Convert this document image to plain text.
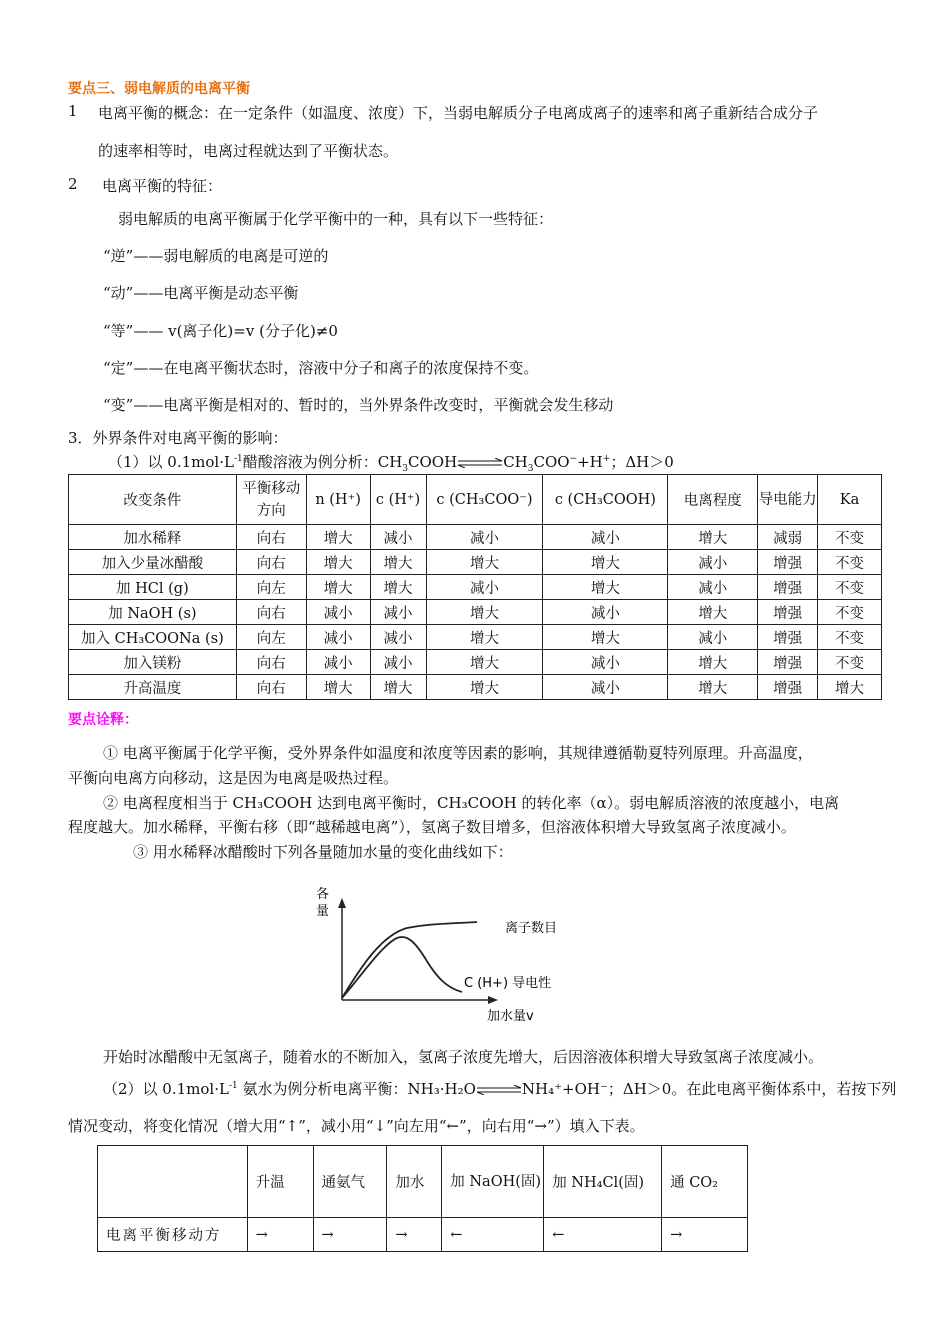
要点三、弱电解质的电离平衡
1 电离平衡的概念：在一定条件（如温度、浓度）下，当弱电解质分子电离成离子的速率和离子重新结合成分子
的速率相等时，电离过程就达到了平衡状态。
2 电离平衡的特征：
弱电解质的电离平衡属于化学平衡中的一种，具有以下一些特征：
“逆”——弱电解质的电离是可逆的
“动”——电离平衡是动态平衡
“等”—— v(离子化)=v (分子化)≠0
“定”——在电离平衡状态时，溶液中分子和离子的浓度保持不变。
“变”——电离平衡是相对的、暂时的，当外界条件改变时，平衡就会发生移动
3．外界条件对电离平衡的影响：
（1）以 $0.1mol\cdot L^{-1}$醋酸溶液为例分析：$CH_3COOH\rightleftharpoons CH_3COO^-+H^+$；ΔH＞0
改变条件	平衡移动方向	n (H⁺)	c (H⁺)	c (CH₃COO⁻)	c (CH₃COOH)	电离程度	导电能力	Ka
加水稀释	向右	增大	减小	减小	减小	增大	减弱	不变
加入少量冰醋酸	向右	增大	增大	增大	增大	减小	增强	不变
加 HCl (g)	向左	增大	增大	减小	增大	减小	增强	不变
加 NaOH (s)	向右	减小	减小	增大	减小	增大	增强	不变
加入 CH₃COONa (s)	向左	减小	减小	增大	增大	减小	增强	不变
加入镁粉	向右	减小	减小	增大	减小	增大	增强	不变
升高温度	向右	增大	增大	增大	减小	增大	增强	增大
要点诠释：
① 电离平衡属于化学平衡，受外界条件如温度和浓度等因素的影响，其规律遵循勒夏特列原理。升高温度，
平衡向电离方向移动，这是因为电离是吸热过程。
② 电离程度相当于 CH₃COOH 达到电离平衡时，CH₃COOH 的转化率（α）。弱电解质溶液的浓度越小，电离
程度越大。加水稀释，平衡右移（即“越稀越电离”），氢离子数目增多，但溶液体积增大导致氢离子浓度减小。
③ 用水稀释冰醋酸时下列各量随加水量的变化曲线如下：
各
量
离子数目
C (H+) 导电性
加水量v
开始时冰醋酸中无氢离子，随着水的不断加入，氢离子浓度先增大，后因溶液体积增大导致氢离子浓度减小。
（2）以 $0.1mol\cdot L^{-1}$ 氨水为例分析电离平衡：NH₃·H₂O⇌NH₄⁺+OH⁻；ΔH＞0。在此电离平衡体系中，若按下列
情况变动，将变化情况（增大用“↑”，减小用“↓”向左用“←”，向右用“→”）填入下表。
	升温	通氨气	加水	加 NaOH(固)	加 NH₄Cl(固)	通 CO₂
电离平衡移动方	→	→	→	←	←	→
